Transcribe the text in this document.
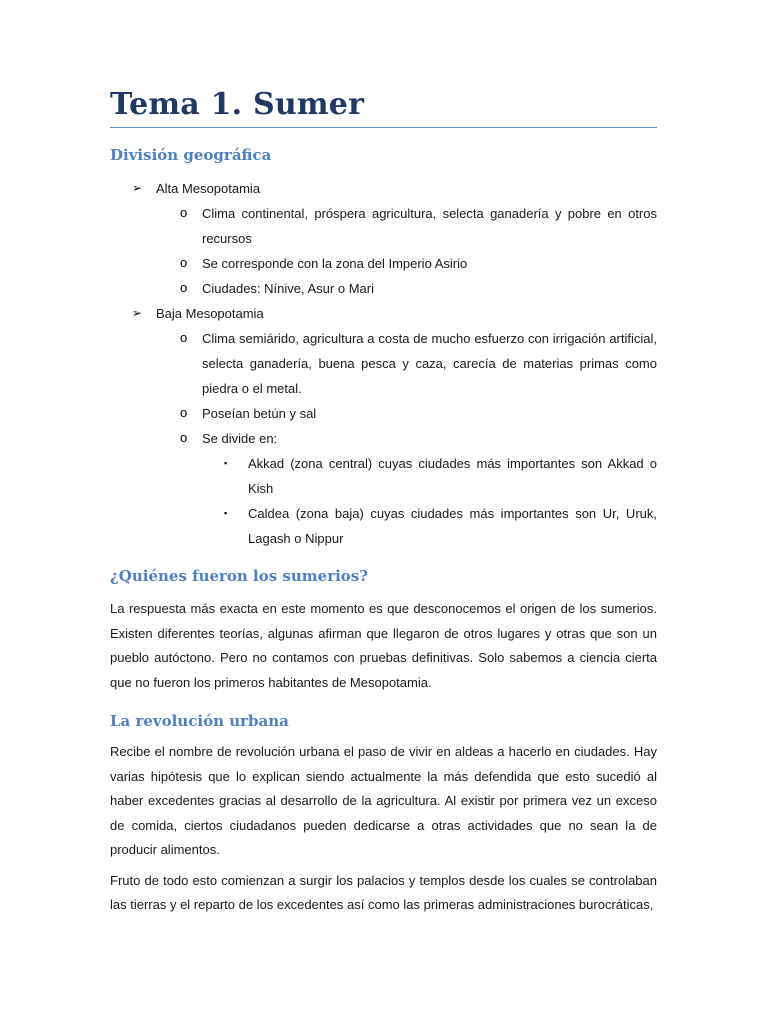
Tema 1. Sumer
División geográfica
➢ Alta Mesopotamia
o Clima continental, próspera agricultura, selecta ganadería y pobre en otros recursos
o Se corresponde con la zona del Imperio Asirio
o Ciudades: Nínive, Asur o Mari
➢ Baja Mesopotamia
o Clima semiárido, agricultura a costa de mucho esfuerzo con irrigación artificial, selecta ganadería, buena pesca y caza, carecía de materias primas como piedra o el metal.
o Poseían betún y sal
o Se divide en:
▪ Akkad (zona central) cuyas ciudades más importantes son Akkad o Kish
▪ Caldea (zona baja) cuyas ciudades más importantes son Ur, Uruk, Lagash o Nippur
¿Quiénes fueron los sumerios?

La respuesta más exacta en este momento es que desconocemos el origen de los sumerios. Existen diferentes teorías, algunas afirman que llegaron de otros lugares y otras que son un pueblo autóctono. Pero no contamos con pruebas definitivas. Solo sabemos a ciencia cierta que no fueron los primeros habitantes de Mesopotamia.

La revolución urbana

Recibe el nombre de revolución urbana el paso de vivir en aldeas a hacerlo en ciudades. Hay varias hipótesis que lo explican siendo actualmente la más defendida que esto sucedió al haber excedentes gracias al desarrollo de la agricultura. Al existir por primera vez un exceso de comida, ciertos ciudadanos pueden dedicarse a otras actividades que no sean la de producir alimentos.

Fruto de todo esto comienzan a surgir los palacios y templos desde los cuales se controlaban las tierras y el reparto de los excedentes así como las primeras administraciones burocráticas,
